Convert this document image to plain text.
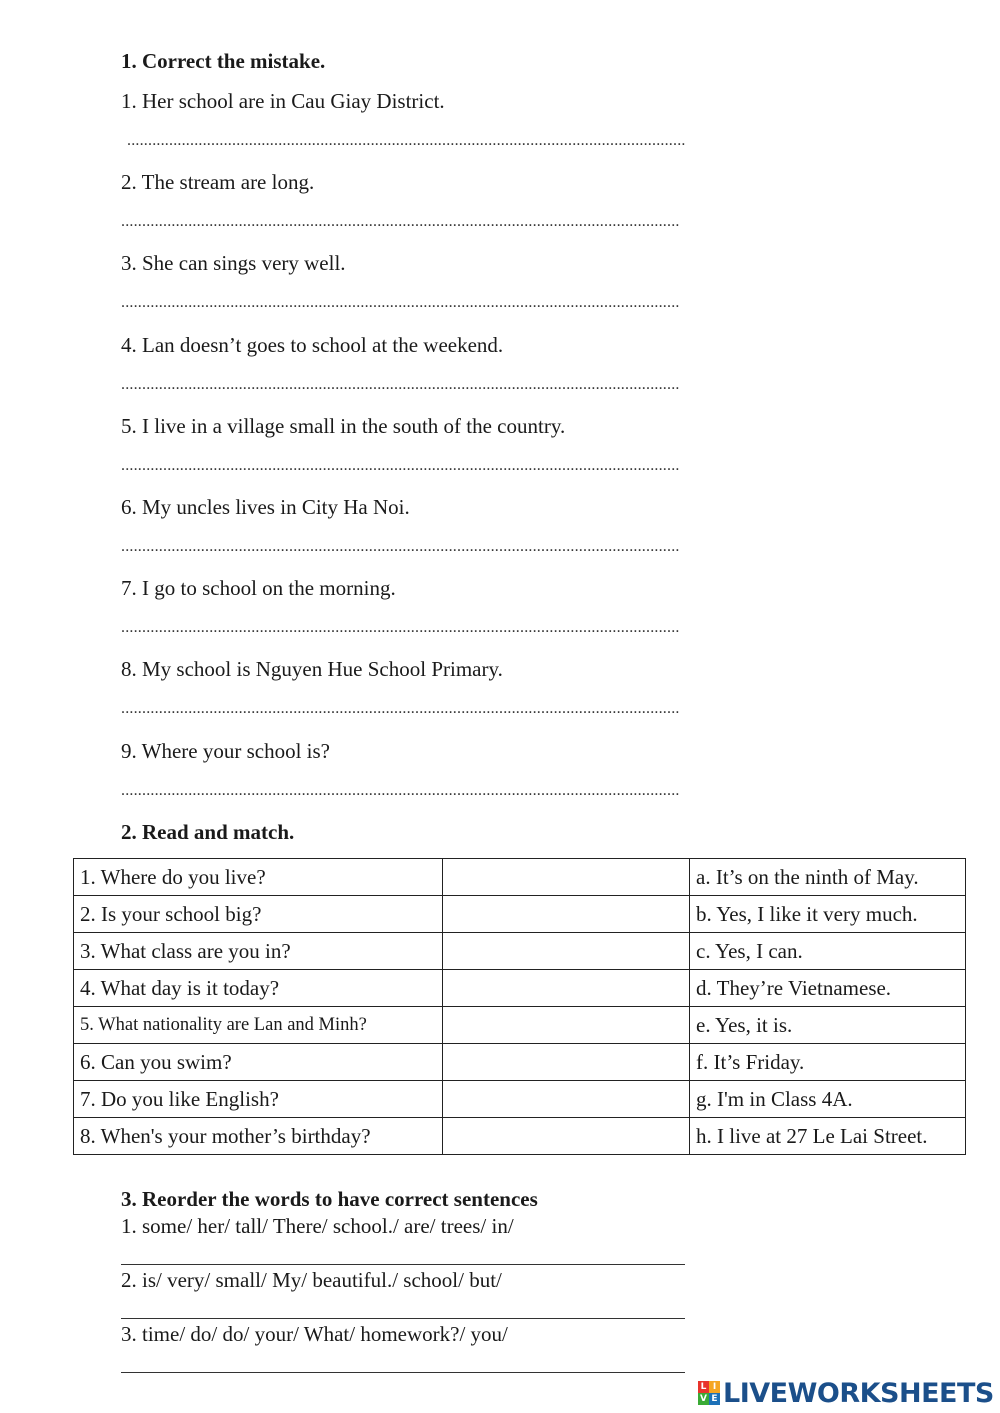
1. Correct the mistake.
1. Her school are in Cau Giay District.
.....................................................................................................................................
2. The stream are long.
.....................................................................................................................................
3. She can sings very well.
.....................................................................................................................................
4. Lan doesn’t goes to school at the weekend.
.....................................................................................................................................
5. I live in a village small in the south of the country.
.....................................................................................................................................
6. My uncles lives in City Ha Noi.
.....................................................................................................................................
7. I go to school on the morning.
.....................................................................................................................................
8. My school is Nguyen Hue School Primary.
.....................................................................................................................................
9. Where your school is?
.....................................................................................................................................
2. Read and match.
1. Where do you live?		a. It’s on the ninth of May.
2. Is your school big?		b. Yes, I like it very much.
3. What class are you in?		c. Yes, I can.
4. What day is it today?		d. They’re Vietnamese.
5. What nationality are Lan and Minh?		e. Yes, it is.
6. Can you swim?		f. It’s Friday.
7. Do you like English?		g. I'm in Class 4A.
8. When's your mother’s birthday?		h. I live at 27 Le Lai Street.
3. Reorder the words to have correct sentences
1. some/ her/ tall/ There/ school./ are/ trees/ in/
2. is/ very/ small/ My/ beautiful./ school/ but/
3. time/ do/ do/ your/ What/ homework?/ you/
L I
V E LIVEWORKSHEETS
